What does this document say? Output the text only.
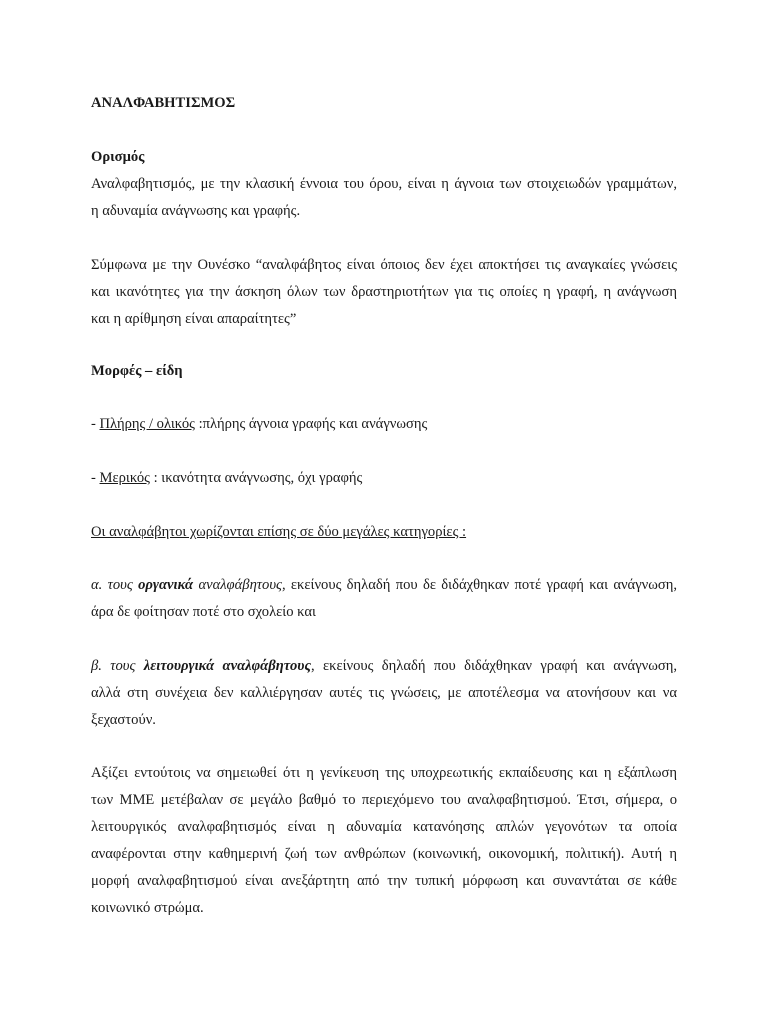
ΑΝΑΛΦΑΒΗΤΙΣΜΟΣ
Ορισμός
Αναλφαβητισμός, με την κλασική έννοια του όρου, είναι η άγνοια των στοιχειωδών γραμμάτων,
η αδυναμία ανάγνωσης και γραφής.
Σύμφωνα με την Ουνέσκο “αναλφάβητος είναι όποιος δεν έχει αποκτήσει τις αναγκαίες γνώσεις
και ικανότητες για την άσκηση όλων των δραστηριοτήτων για τις οποίες η γραφή, η ανάγνωση
και η αρίθμηση είναι απαραίτητες”
Μορφές – είδη
- Πλήρης / ολικός :πλήρης άγνοια γραφής και ανάγνωσης
- Μερικός : ικανότητα ανάγνωσης, όχι γραφής
Οι αναλφάβητοι χωρίζονται επίσης σε δύο μεγάλες κατηγορίες :
α. τους οργανικά αναλφάβητους, εκείνους δηλαδή που δε διδάχθηκαν ποτέ γραφή και ανάγνωση,
άρα δε φοίτησαν ποτέ στο σχολείο και
β. τους λειτουργικά αναλφάβητους, εκείνους δηλαδή που διδάχθηκαν γραφή και ανάγνωση,
αλλά στη συνέχεια δεν καλλιέργησαν αυτές τις γνώσεις, με αποτέλεσμα να ατονήσουν και να
ξεχαστούν.
Αξίζει εντούτοις να σημειωθεί ότι η γενίκευση της υποχρεωτικής εκπαίδευσης και η εξάπλωση
των ΜΜΕ μετέβαλαν σε μεγάλο βαθμό το περιεχόμενο του αναλφαβητισμού. Έτσι, σήμερα, ο
λειτουργικός αναλφαβητισμός είναι η αδυναμία κατανόησης απλών γεγονότων τα οποία
αναφέρονται στην καθημερινή ζωή των ανθρώπων (κοινωνική, οικονομική, πολιτική). Αυτή η
μορφή αναλφαβητισμού είναι ανεξάρτητη από την τυπική μόρφωση και συναντάται σε κάθε
κοινωνικό στρώμα.
